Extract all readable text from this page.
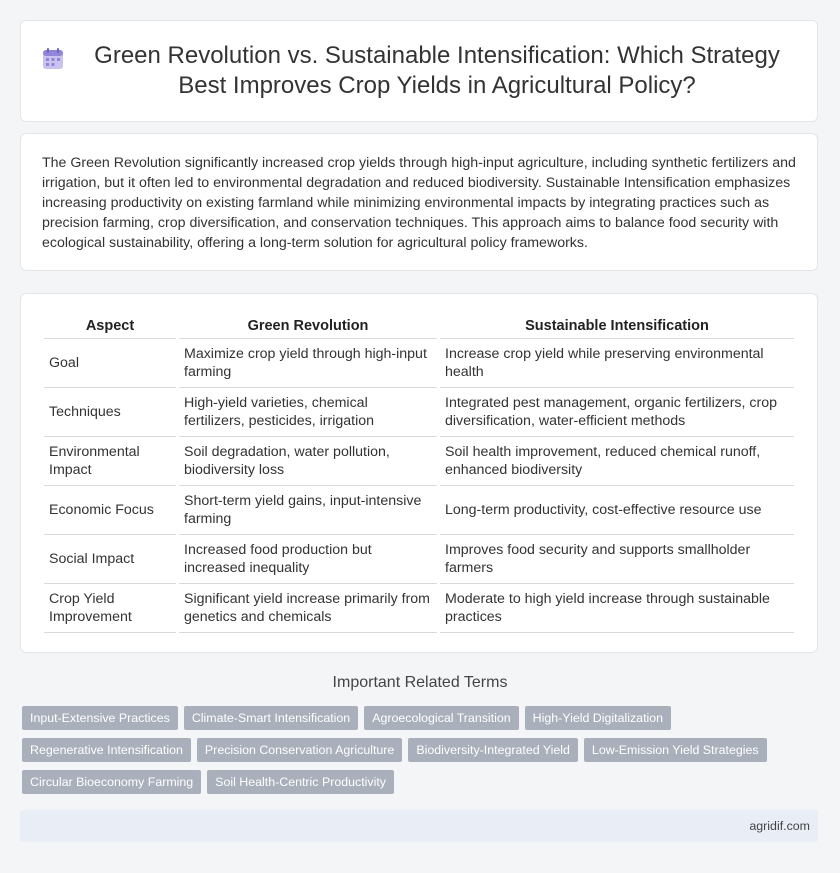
Green Revolution vs. Sustainable Intensification: Which Strategy Best Improves Crop Yields in Agricultural Policy?

The Green Revolution significantly increased crop yields through high-input agriculture, including synthetic fertilizers and irrigation, but it often led to environmental degradation and reduced biodiversity. Sustainable Intensification emphasizes increasing productivity on existing farmland while minimizing environmental impacts by integrating practices such as precision farming, crop diversification, and conservation techniques. This approach aims to balance food security with ecological sustainability, offering a long-term solution for agricultural policy frameworks.

Aspect	Green Revolution	Sustainable Intensification
Goal	Maximize crop yield through high-input farming	Increase crop yield while preserving environmental health
Techniques	High-yield varieties, chemical fertilizers, pesticides, irrigation	Integrated pest management, organic fertilizers, crop diversification, water-efficient methods
Environmental Impact	Soil degradation, water pollution, biodiversity loss	Soil health improvement, reduced chemical runoff, enhanced biodiversity
Economic Focus	Short-term yield gains, input-intensive farming	Long-term productivity, cost-effective resource use
Social Impact	Increased food production but increased inequality	Improves food security and supports smallholder farmers
Crop Yield Improvement	Significant yield increase primarily from genetics and chemicals	Moderate to high yield increase through sustainable practices
Important Related Terms
Input-Extensive Practices	Climate-Smart Intensification	Agroecological Transition	High-Yield Digitalization
Regenerative Intensification	Precision Conservation Agriculture	Biodiversity-Integrated Yield	Low-Emission Yield Strategies
Circular Bioeconomy Farming	Soil Health-Centric Productivity
agridif.com
